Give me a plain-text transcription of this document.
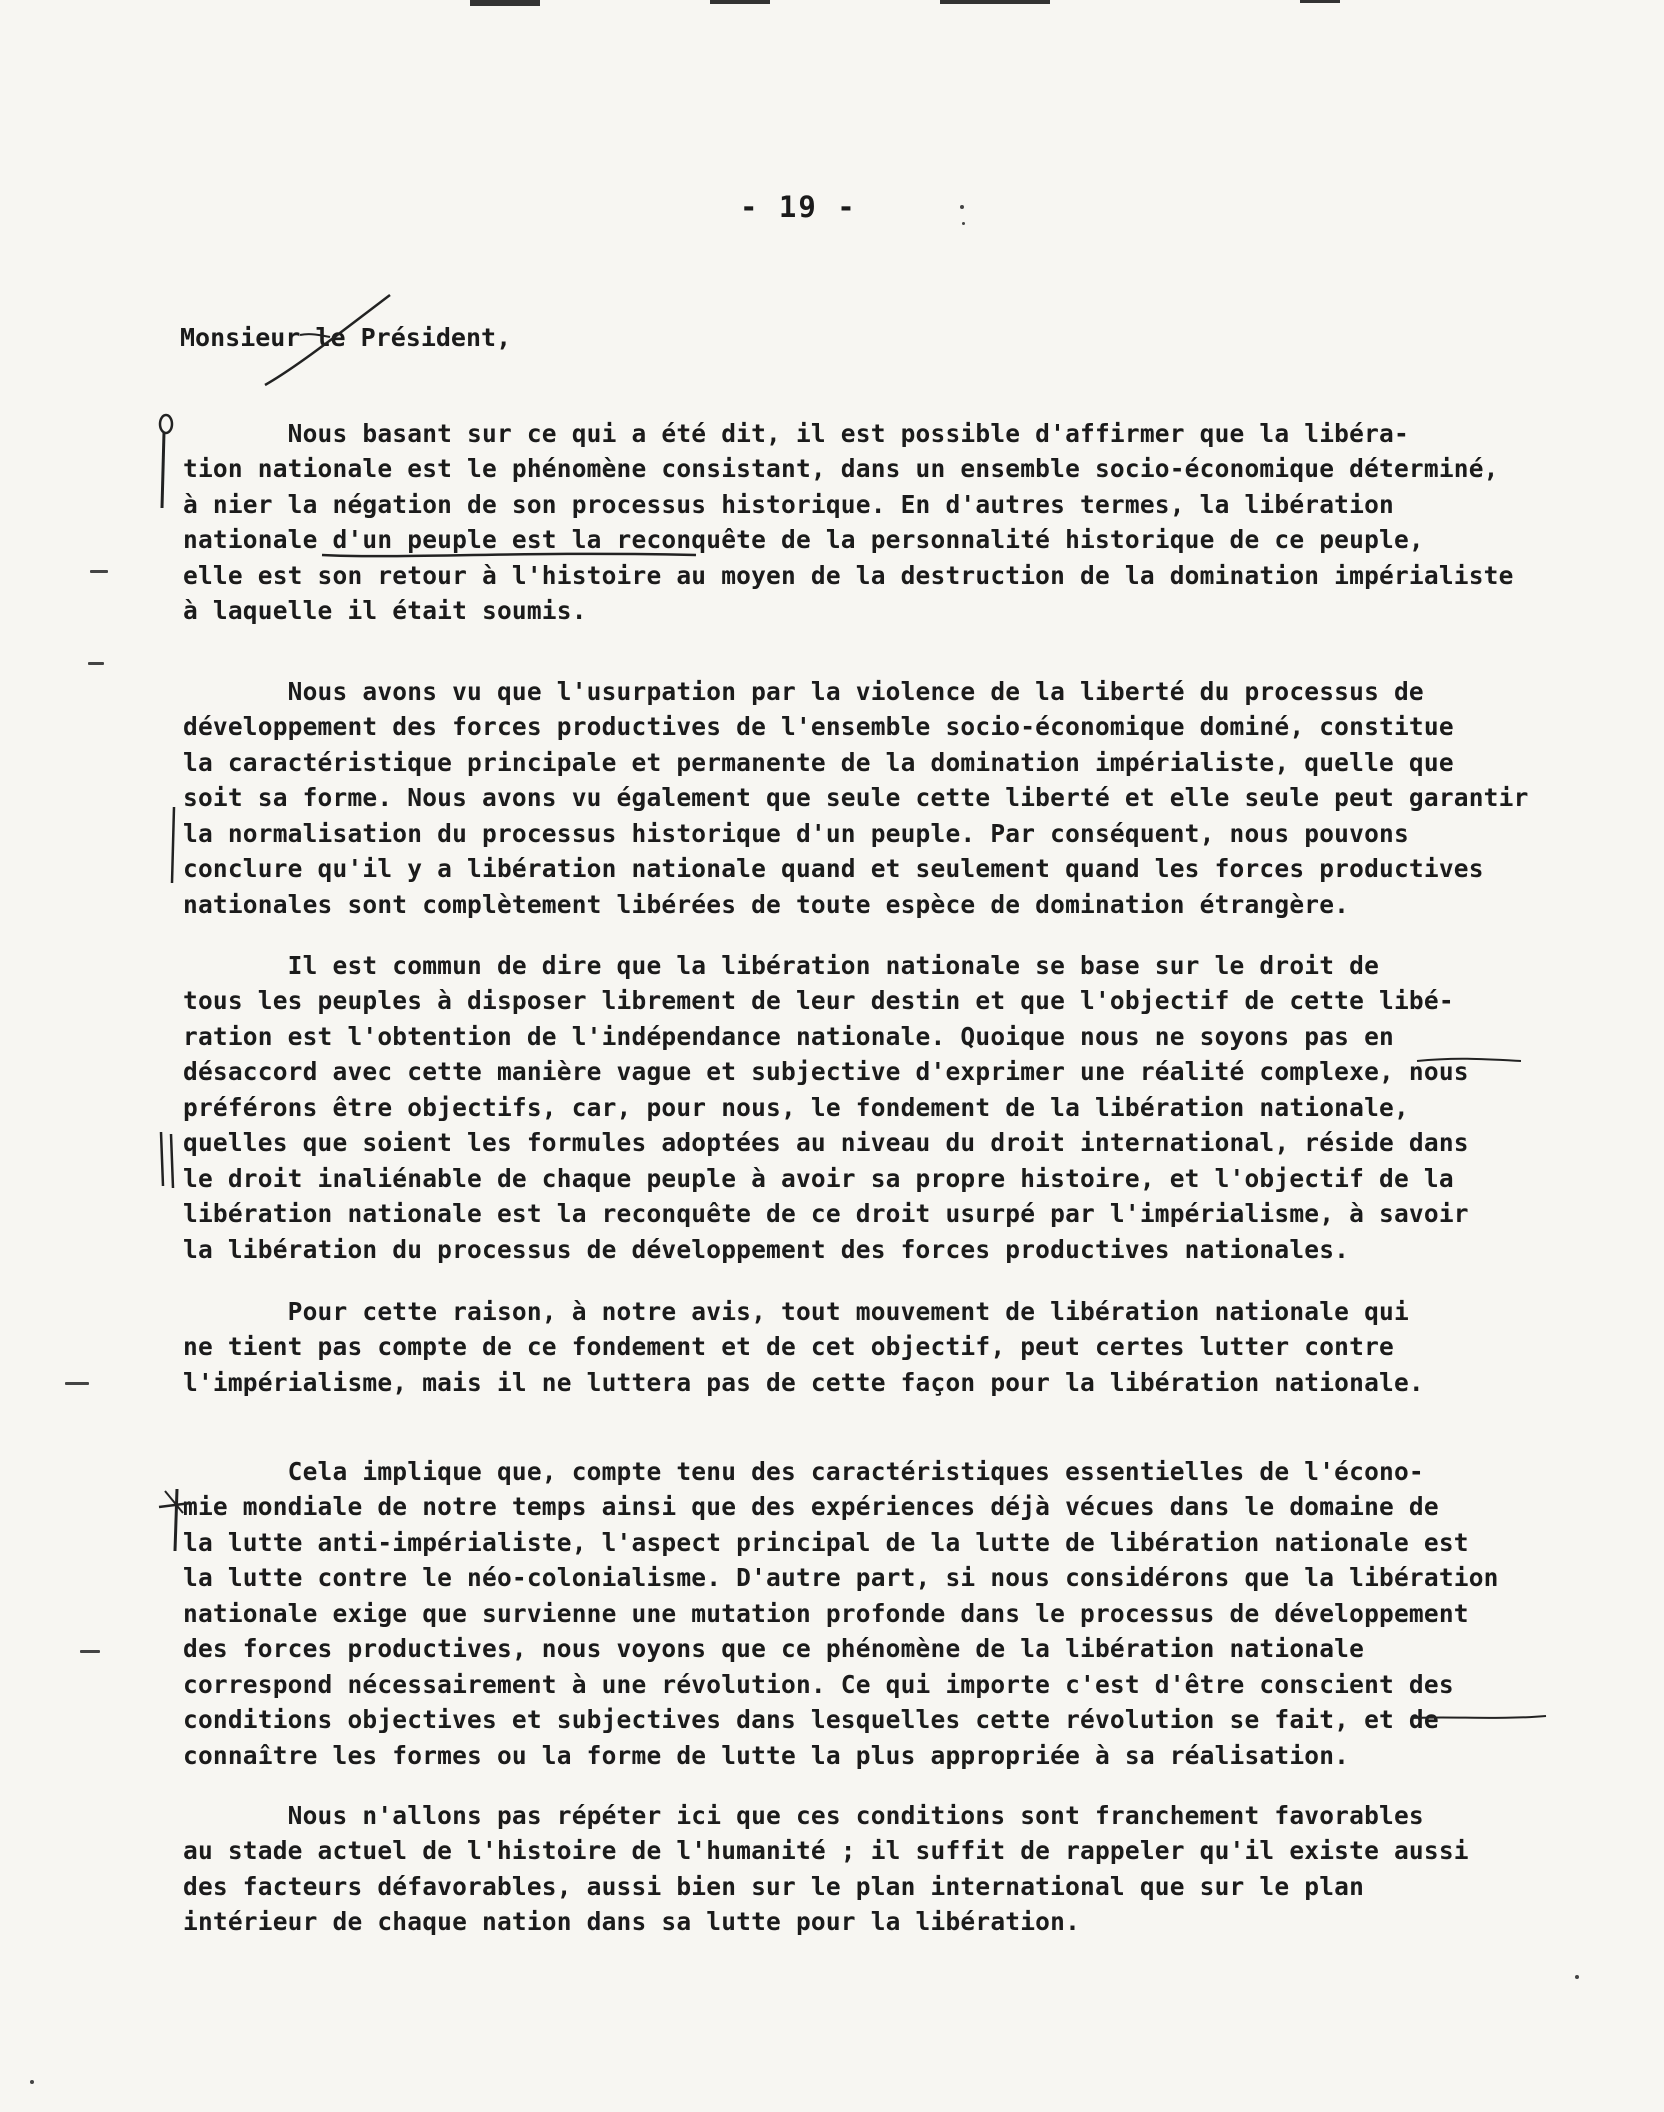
- 19 -
Monsieur le Président,

Nous basant sur ce qui a été dit, il est possible d'affirmer que la libéra-
tion nationale est le phénomène consistant, dans un ensemble socio-économique déterminé,
à nier la négation de son processus historique. En d'autres termes, la libération
nationale d'un peuple est la reconquête de la personnalité historique de ce peuple,
elle est son retour à l'histoire au moyen de la destruction de la domination impérialiste
à laquelle il était soumis.

Nous avons vu que l'usurpation par la violence de la liberté du processus de
développement des forces productives de l'ensemble socio-économique dominé, constitue
la caractéristique principale et permanente de la domination impérialiste, quelle que
soit sa forme. Nous avons vu également que seule cette liberté et elle seule peut garantir
la normalisation du processus historique d'un peuple. Par conséquent, nous pouvons
conclure qu'il y a libération nationale quand et seulement quand les forces productives
nationales sont complètement libérées de toute espèce de domination étrangère.

Il est commun de dire que la libération nationale se base sur le droit de
tous les peuples à disposer librement de leur destin et que l'objectif de cette libé-
ration est l'obtention de l'indépendance nationale. Quoique nous ne soyons pas en
désaccord avec cette manière vague et subjective d'exprimer une réalité complexe, nous
préférons être objectifs, car, pour nous, le fondement de la libération nationale,
quelles que soient les formules adoptées au niveau du droit international, réside dans
le droit inaliénable de chaque peuple à avoir sa propre histoire, et l'objectif de la
libération nationale est la reconquête de ce droit usurpé par l'impérialisme, à savoir
la libération du processus de développement des forces productives nationales.

Pour cette raison, à notre avis, tout mouvement de libération nationale qui
ne tient pas compte de ce fondement et de cet objectif, peut certes lutter contre
l'impérialisme, mais il ne luttera pas de cette façon pour la libération nationale.

Cela implique que, compte tenu des caractéristiques essentielles de l'écono-
mie mondiale de notre temps ainsi que des expériences déjà vécues dans le domaine de
la lutte anti-impérialiste, l'aspect principal de la lutte de libération nationale est
la lutte contre le néo-colonialisme. D'autre part, si nous considérons que la libération
nationale exige que survienne une mutation profonde dans le processus de développement
des forces productives, nous voyons que ce phénomène de la libération nationale
correspond nécessairement à une révolution. Ce qui importe c'est d'être conscient des
conditions objectives et subjectives dans lesquelles cette révolution se fait, et de
connaître les formes ou la forme de lutte la plus appropriée à sa réalisation.

Nous n'allons pas répéter ici que ces conditions sont franchement favorables
au stade actuel de l'histoire de l'humanité ; il suffit de rappeler qu'il existe aussi
des facteurs défavorables, aussi bien sur le plan international que sur le plan
intérieur de chaque nation dans sa lutte pour la libération.
